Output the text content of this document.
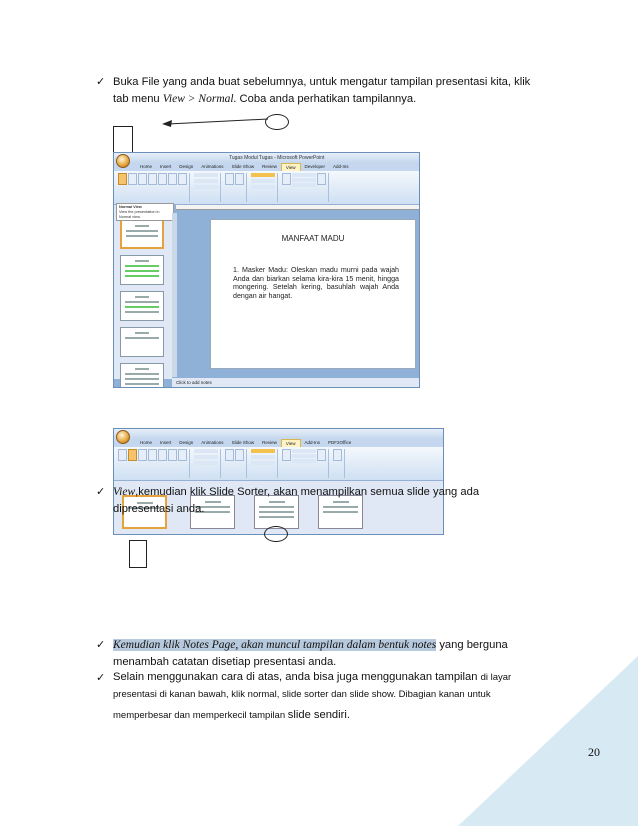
✓ Buka File yang anda buat sebelumnya, untuk mengatur tampilan presentasi kita, klik
tab menu View > Normal. Coba anda perhatikan tampilannya.
Tugas Modul Tugas - Microsoft PowerPoint
Home	Insert	Design	Animations	Slide Show	Review	View	Developer	Add-Ins
Normal View
View the presentation in Normal view.
MANFAAT MADU
1. Masker Madu: Oleskan madu murni pada wajah Anda dan biarkan selama kira-kira 15 menit, hingga mongering. Setelah kering, basuhlah wajah Anda dengan air hangat.
Click to add notes
Home	Insert	Design	Animations	Slide Show	Review	View	Add-Ins	PDF2Office
✓ View,kemudian klik Slide Sorter, akan menampilkan semua slide yang ada
dipresentasi anda.
✓ Kemudian klik Notes Page, akan muncul tampilan dalam bentuk notes yang berguna
menambah catatan disetiap presentasi anda.
✓ Selain menggunakan cara di atas, anda bisa juga menggunakan tampilan di layar
presentasi di kanan bawah, klik normal, slide sorter dan slide show. Dibagian kanan untuk
memperbesar dan memperkecil tampilan slide sendiri.
20
